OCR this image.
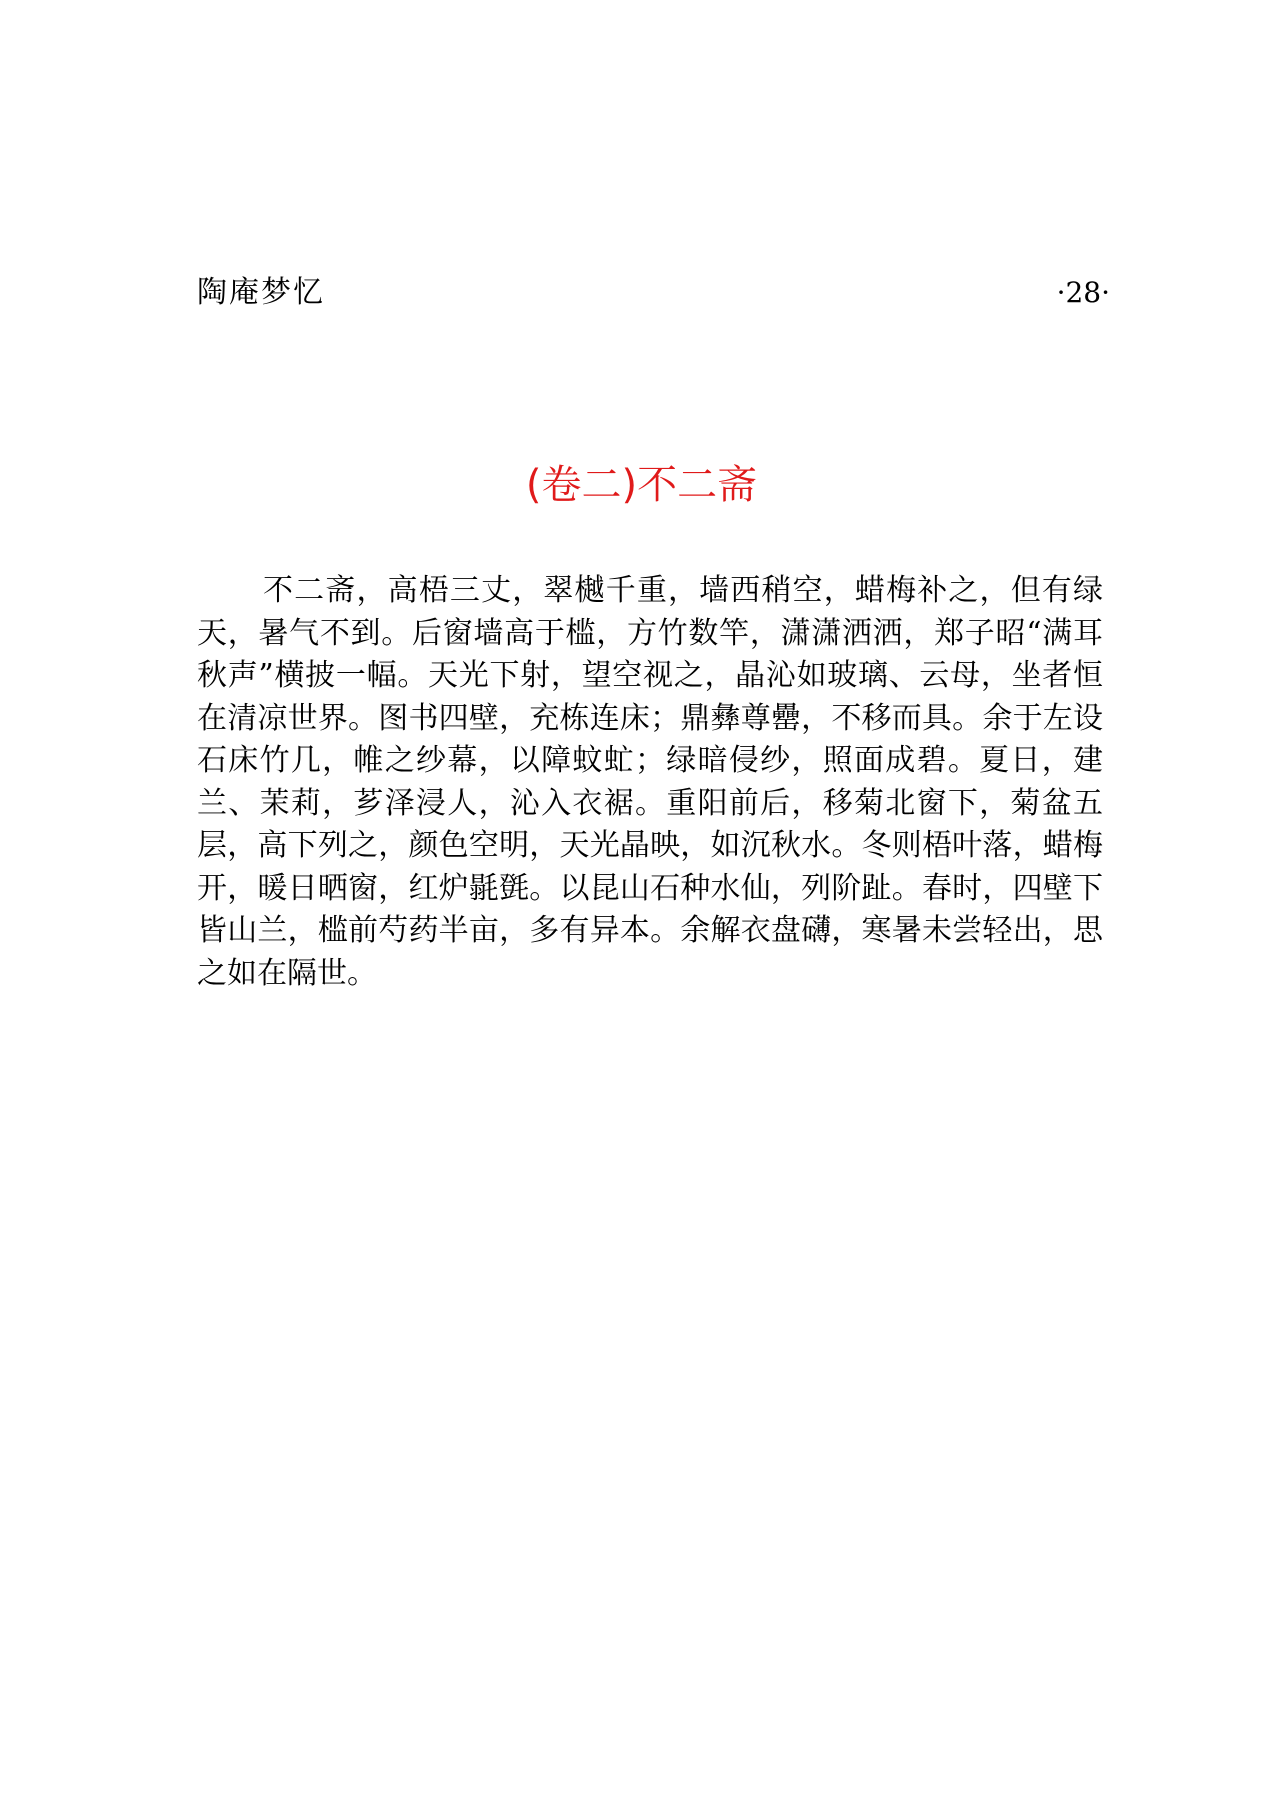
陶庵梦忆	·28·
(卷二)不二斋

不二斋，高梧三丈，翠樾千重，墙西稍空，蜡梅补之，但有绿天，暑气不到。后窗墙高于槛，方竹数竿，潇潇洒洒，郑子昭“满耳秋声”横披一幅。天光下射，望空视之，晶沁如玻璃、云母，坐者恒在清凉世界。图书四壁，充栋连床；鼎彝尊罍，不移而具。余于左设石床竹几，帷之纱幕，以障蚊虻；绿暗侵纱，照面成碧。夏日，建兰、茉莉，芗泽浸人，沁入衣裾。重阳前后，移菊北窗下，菊盆五层，高下列之，颜色空明，天光晶映，如沉秋水。冬则梧叶落，蜡梅开，暖日晒窗，红炉毾㲪。以昆山石种水仙，列阶趾。春时，四壁下皆山兰，槛前芍药半亩，多有异本。余解衣盘礴，寒暑未尝轻出，思之如在隔世。
